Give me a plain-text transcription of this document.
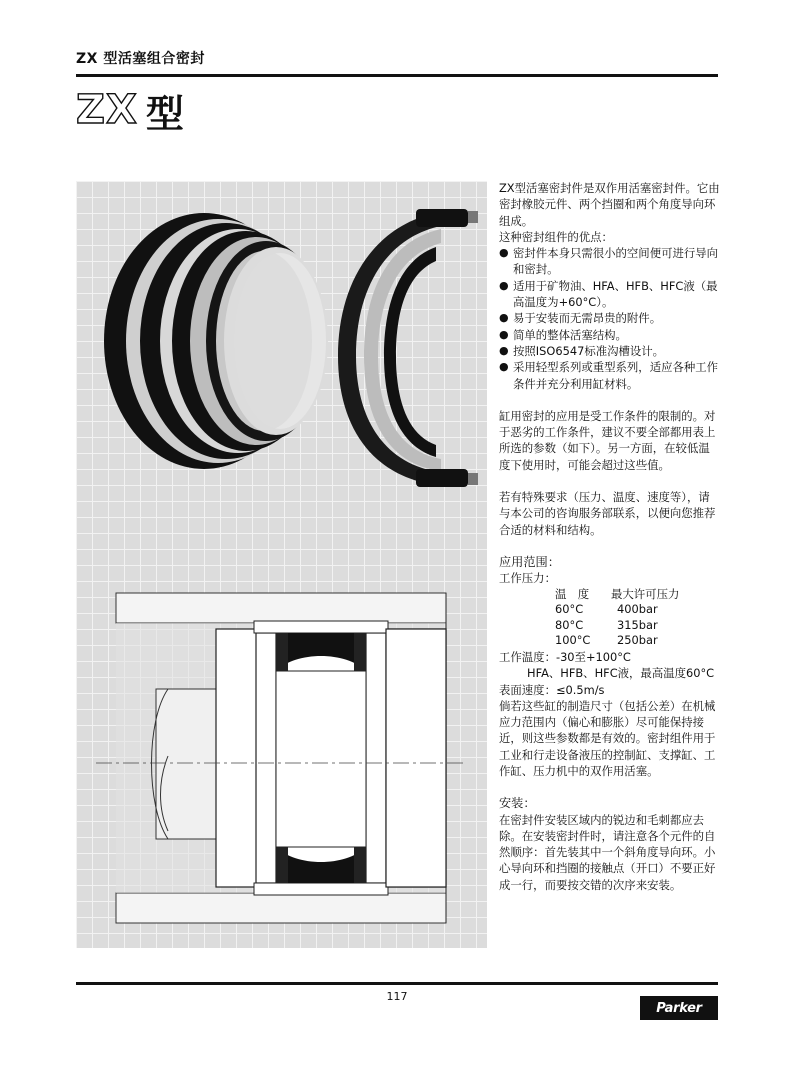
ZX 型活塞组合密封
ZX 型

ZX型活塞密封件是双作用活塞密封件。它由密封橡胶元件、两个挡圈和两个角度导向环组成。

这种密封组件的优点：

● 密封件本身只需很小的空间便可进行导向和密封。
● 适用于矿物油、HFA、HFB、HFC液（最高温度为+60°C）。
● 易于安装而无需昂贵的附件。
● 简单的整体活塞结构。
● 按照ISO6547标准沟槽设计。
● 采用轻型系列或重型系列，适应各种工作条件并充分利用缸材料。

缸用密封的应用是受工作条件的限制的。对于恶劣的工作条件，建议不要全部都用表上所选的参数（如下）。另一方面，在较低温度下使用时，可能会超过这些值。

若有特殊要求（压力、温度、速度等），请与本公司的咨询服务部联系，以便向您推荐合适的材料和结构。

应用范围：

工作压力：

温　度	最大许可压力
60°C	400bar
80°C	315bar
100°C	250bar

工作温度：-30至+100°C

HFA、HFB、HFC液，最高温度60°C

表面速度：≤0.5m/s

倘若这些缸的制造尺寸（包括公差）在机械应力范围内（偏心和膨胀）尽可能保持接近，则这些参数都是有效的。密封组件用于工业和行走设备液压的控制缸、支撑缸、工作缸、压力机中的双作用活塞。

安装：

在密封件安装区域内的锐边和毛刺都应去除。在安装密封件时，请注意各个元件的自然顺序：首先装其中一个斜角度导向环。小心导向环和挡圈的接触点（开口）不要正好成一行，而要按交错的次序来安装。

117
Parker
